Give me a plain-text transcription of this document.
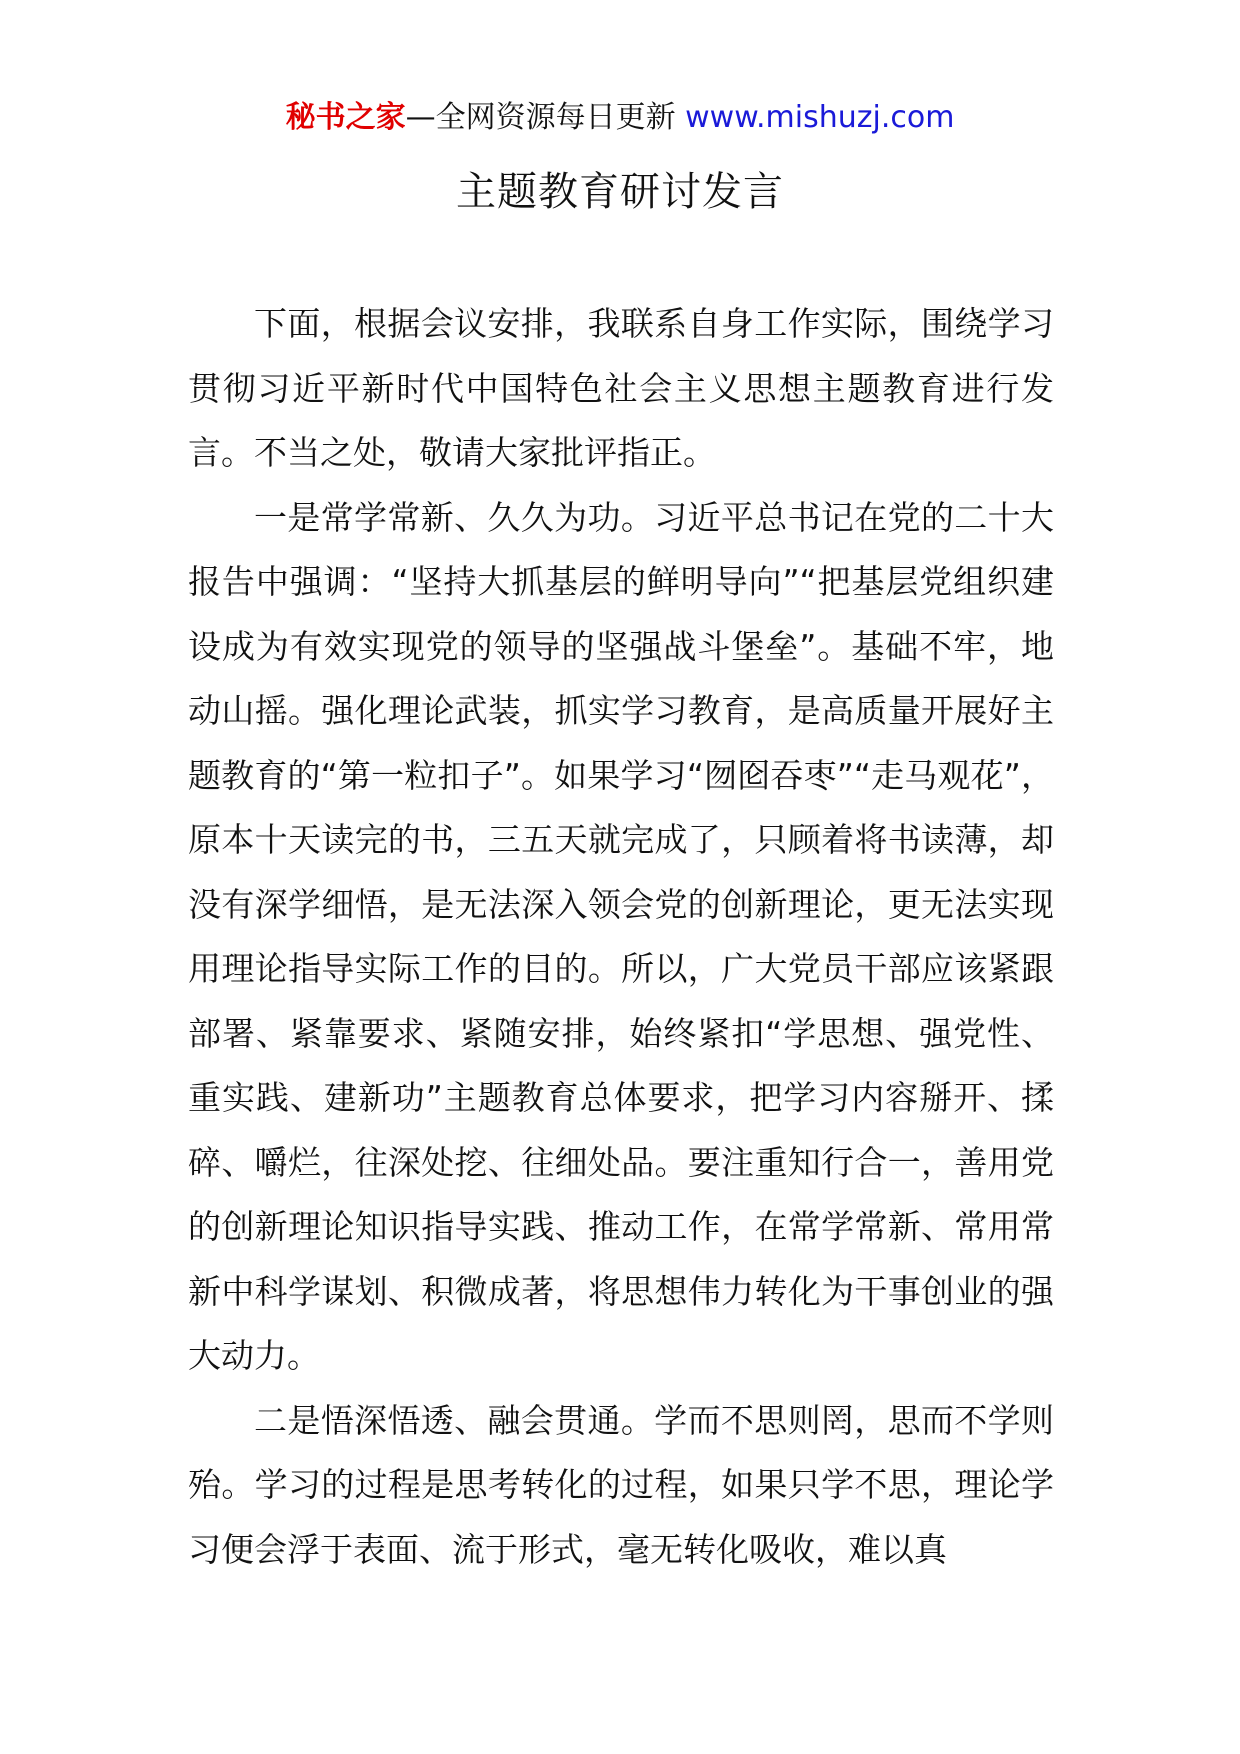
秘书之家—全网资源每日更新 www.mishuzj.com
主题教育研讨发言

下面，根据会议安排，我联系自身工作实际，围绕学习贯彻习近平新时代中国特色社会主义思想主题教育进行发言。不当之处，敬请大家批评指正。

一是常学常新、久久为功。习近平总书记在党的二十大报告中强调：“坚持大抓基层的鲜明导向”“把基层党组织建设成为有效实现党的领导的坚强战斗堡垒”。基础不牢，地动山摇。强化理论武装，抓实学习教育，是高质量开展好主题教育的“第一粒扣子”。如果学习“囫囵吞枣”“走马观花”，原本十天读完的书，三五天就完成了，只顾着将书读薄，却没有深学细悟，是无法深入领会党的创新理论，更无法实现用理论指导实际工作的目的。所以，广大党员干部应该紧跟部署、紧靠要求、紧随安排，始终紧扣“学思想、强党性、重实践、建新功”主题教育总体要求，把学习内容掰开、揉碎、嚼烂，往深处挖、往细处品。要注重知行合一，善用党的创新理论知识指导实践、推动工作，在常学常新、常用常新中科学谋划、积微成著，将思想伟力转化为干事创业的强大动力。

二是悟深悟透、融会贯通。学而不思则罔，思而不学则殆。学习的过程是思考转化的过程，如果只学不思，理论学习便会浮于表面、流于形式，毫无转化吸收，难以真
